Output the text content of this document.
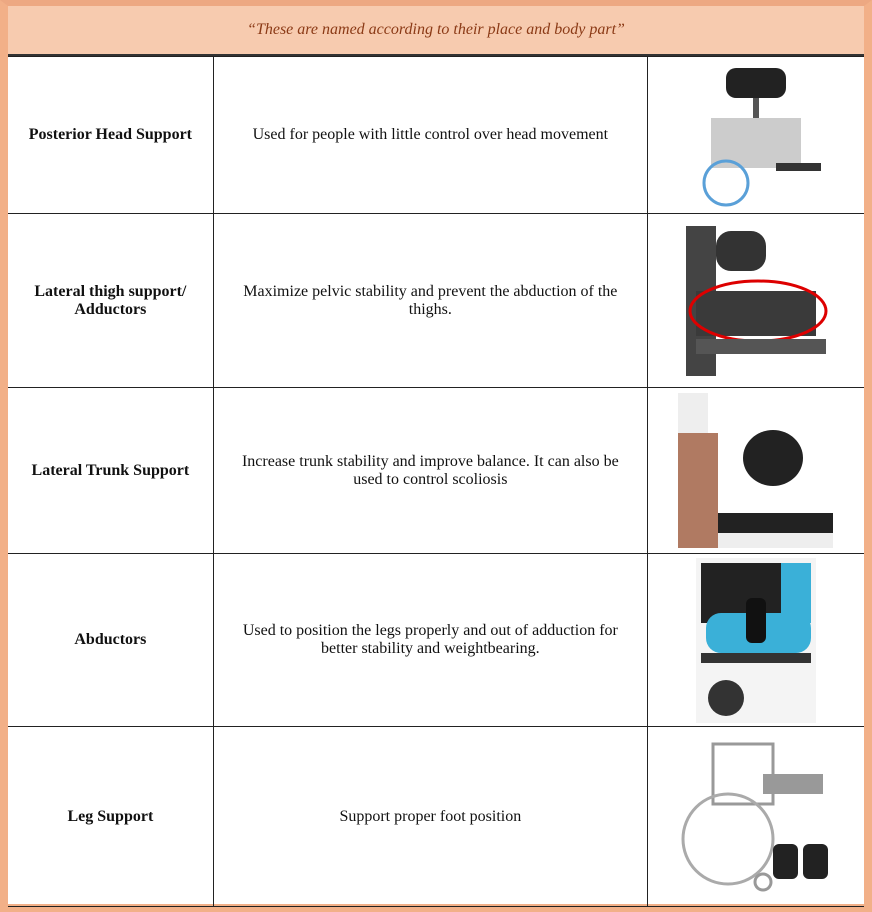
“These are named according to their place and body part”
Posterior Head Support	Used for people with little control over head movement	

Lateral thigh support/ Adductors	Maximize pelvic stability and prevent the abduction of the thighs.	

Lateral Trunk Support	Increase trunk stability and improve balance. It can also be used to control scoliosis	

Abductors	Used to position the legs properly and out of adduction for better stability and weightbearing.	

Leg Support	Support proper foot position	
